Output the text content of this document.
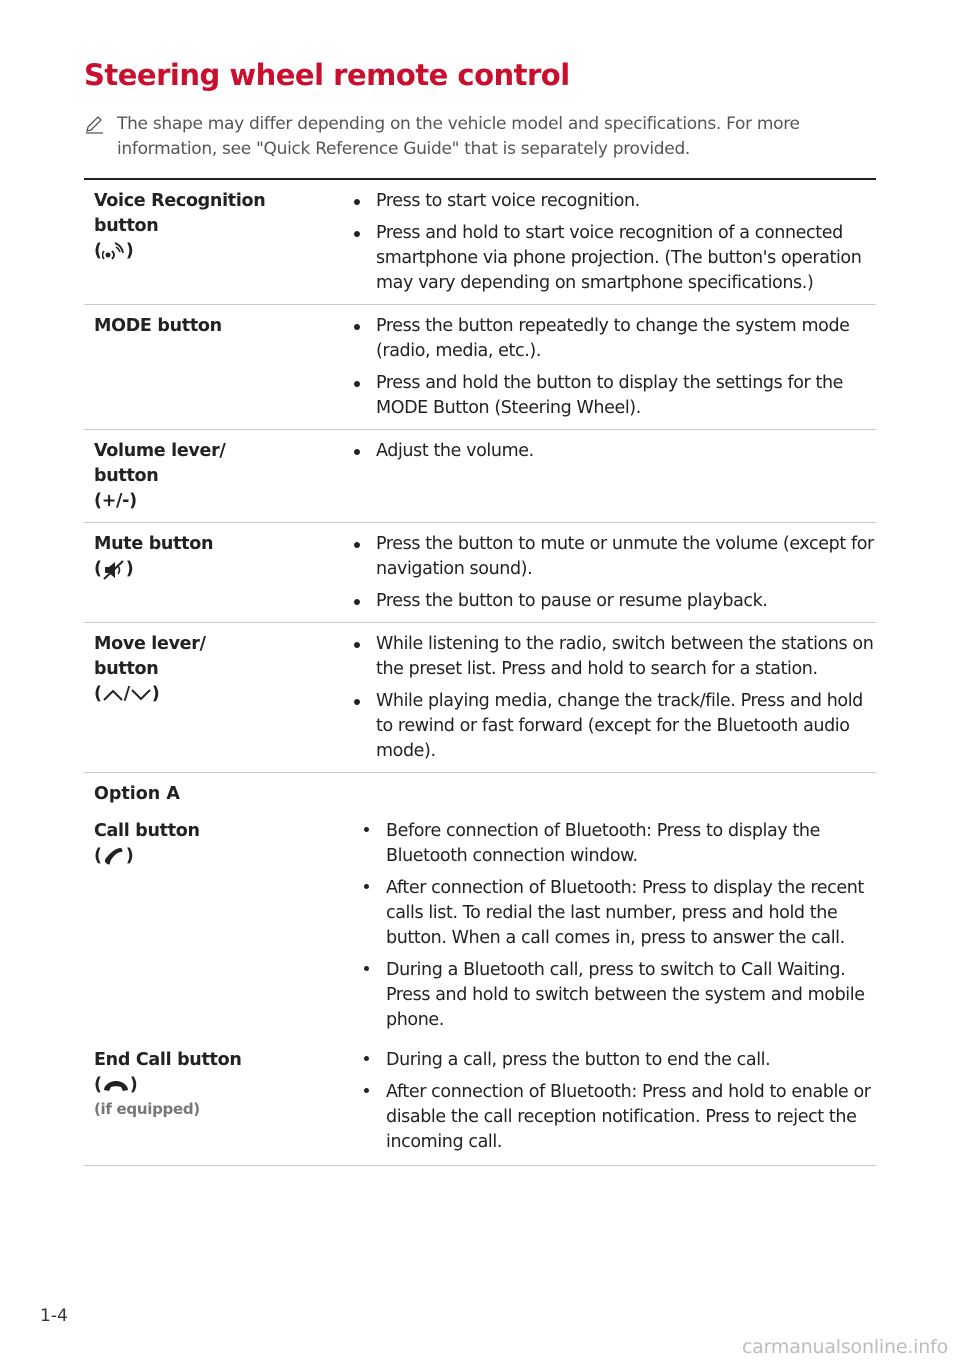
Steering wheel remote control
The shape may differ depending on the vehicle model and specifications. For more information, see "Quick Reference Guide" that is separately provided.
Voice Recognition
button
( )
Press to start voice recognition.
Press and hold to start voice recognition of a connected smartphone via phone projection. (The button's operation may vary depending on smartphone specifications.)
MODE button	Press the button repeatedly to change the system mode (radio, media, etc.).
Press and hold the button to display the settings for the MODE Button (Steering Wheel).
Volume lever/
button
(+/-)
Adjust the volume.
Mute button
( )
Press the button to mute or unmute the volume (except for navigation sound).
Press the button to pause or resume playback.
Move lever/
button
( / )
While listening to the radio, switch between the stations on the preset list. Press and hold to search for a station.
While playing media, change the track/file. Press and hold to rewind or fast forward (except for the Bluetooth audio mode).
Option A
Call button
( )
Before connection of Bluetooth: Press to display the Bluetooth connection window.
After connection of Bluetooth: Press to display the recent calls list. To redial the last number, press and hold the button. When a call comes in, press to answer the call.
During a Bluetooth call, press to switch to Call Waiting. Press and hold to switch between the system and mobile phone.
End Call button
( )
(if equipped)
During a call, press the button to end the call.
After connection of Bluetooth: Press and hold to enable or disable the call reception notification. Press to reject the incoming call.
1-4
carmanualsonline.info
